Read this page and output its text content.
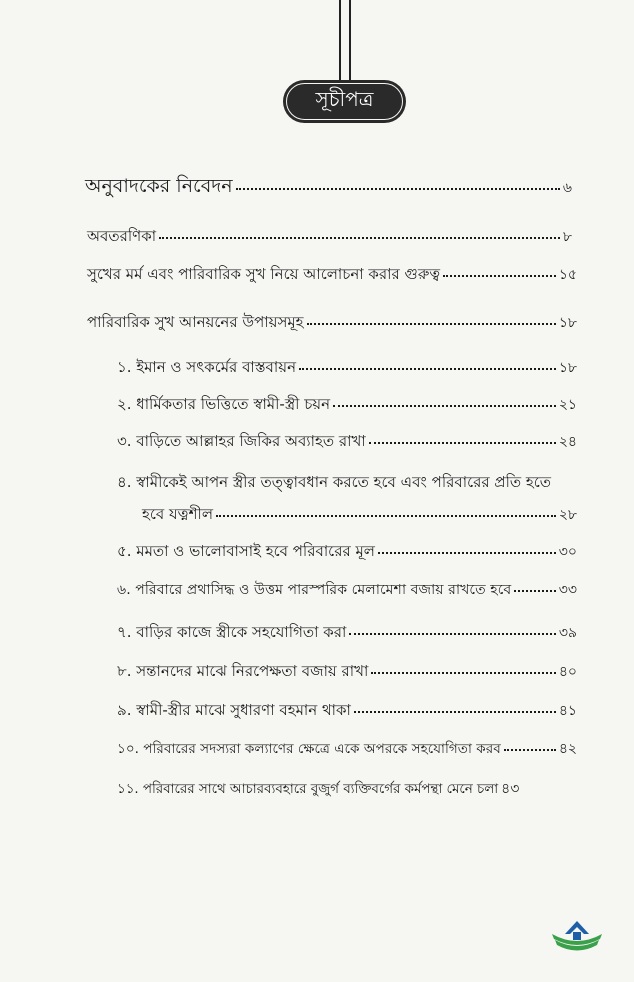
সূচীপত্র
অনুবাদকের নিবেদন	৬
অবতরণিকা	৮
সুখের মর্ম এবং পারিবারিক সুখ নিয়ে আলোচনা করার গুরুত্ব	১৫
পারিবারিক সুখ আনয়নের উপায়সমূহ	১৮
১. ইমান ও সৎকর্মের বাস্তবায়ন	১৮
২. ধার্মিকতার ভিত্তিতে স্বামী-স্ত্রী চয়ন	২১
৩. বাড়িতে আল্লাহর জিকির অব্যাহত রাখা	২৪
৪. স্বামীকেই আপন স্ত্রীর তত্ত্বাবধান করতে হবে এবং পরিবারের প্রতি হতে
হবে যত্নশীল	২৮
৫. মমতা ও ভালোবাসাই হবে পরিবারের মূল	৩০
৬. পরিবারে প্রথাসিদ্ধ ও উত্তম পারস্পরিক মেলামেশা বজায় রাখতে হবে	৩৩
৭. বাড়ির কাজে স্ত্রীকে সহযোগিতা করা	৩৯
৮. সন্তানদের মাঝে নিরপেক্ষতা বজায় রাখা	৪০
৯. স্বামী-স্ত্রীর মাঝে সুধারণা বহমান থাকা	৪১
১০. পরিবারের সদস্যরা কল্যাণের ক্ষেত্রে একে অপরকে সহযোগিতা করব	৪২
১১. পরিবারের সাথে আচারব্যবহারে বুজুর্গ ব্যক্তিবর্গের কর্মপন্থা মেনে চলা ৪৩
